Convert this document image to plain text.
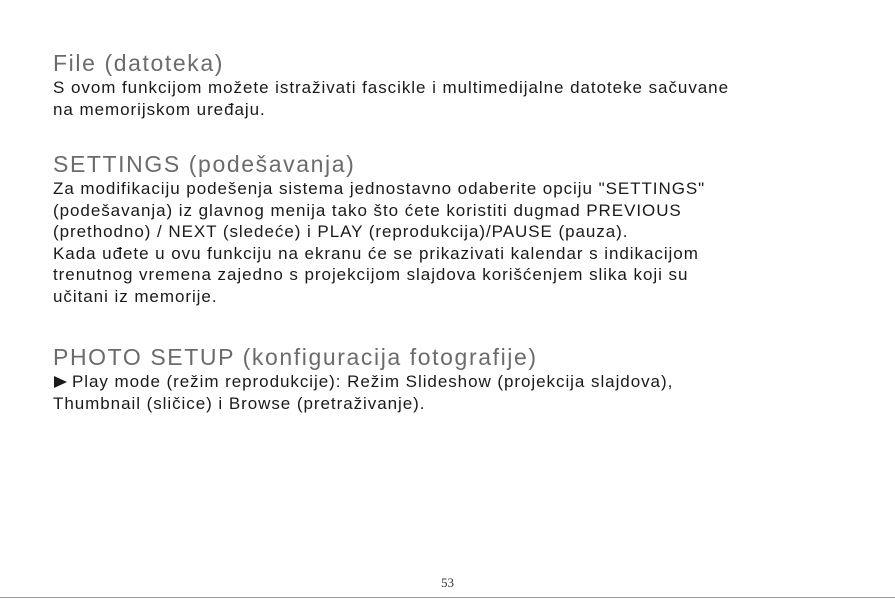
File (datoteka)

S ovom funkcijom možete istraživati fascikle i multimedijalne datoteke sačuvane

na memorijskom uređaju.

SETTINGS (podešavanja)

Za modifikaciju podešenja sistema jednostavno odaberite opciju "SETTINGS"

(podešavanja) iz glavnog menija tako što ćete koristiti dugmad PREVIOUS

(prethodno) / NEXT (sledeće) i PLAY (reprodukcija)/PAUSE (pauza).

Kada uđete u ovu funkciju na ekranu će se prikazivati kalendar s indikacijom

trenutnog vremena zajedno s projekcijom slajdova korišćenjem slika koji su

učitani iz memorije.

PHOTO SETUP (konfiguracija fotografije)

Play mode (režim reprodukcije): Režim Slideshow (projekcija slajdova),

Thumbnail (sličice) i Browse (pretraživanje).

53
